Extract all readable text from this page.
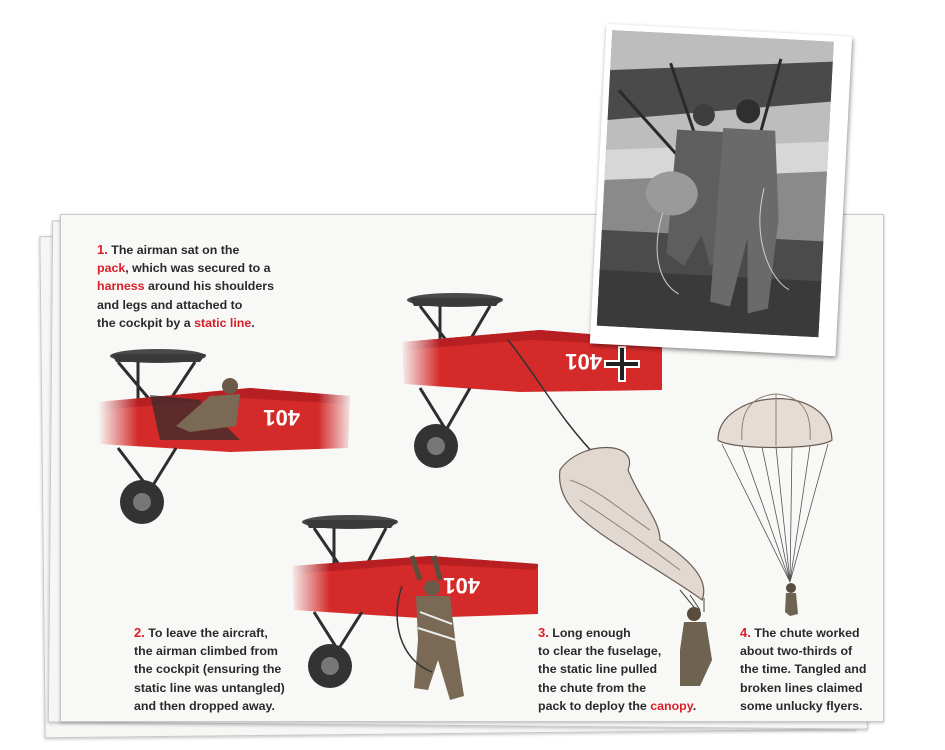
401
401
401
1. The airman sat on the
pack, which was secured to a
harness around his shoulders
and legs and attached to
the cockpit by a static line.
2. To leave the aircraft,
the airman climbed from
the cockpit (ensuring the
static line was untangled)
and then dropped away.
3. Long enough
to clear the fuselage,
the static line pulled
the chute from the
pack to deploy the canopy.
4. The chute worked
about two-thirds of
the time. Tangled and
broken lines claimed
some unlucky flyers.
